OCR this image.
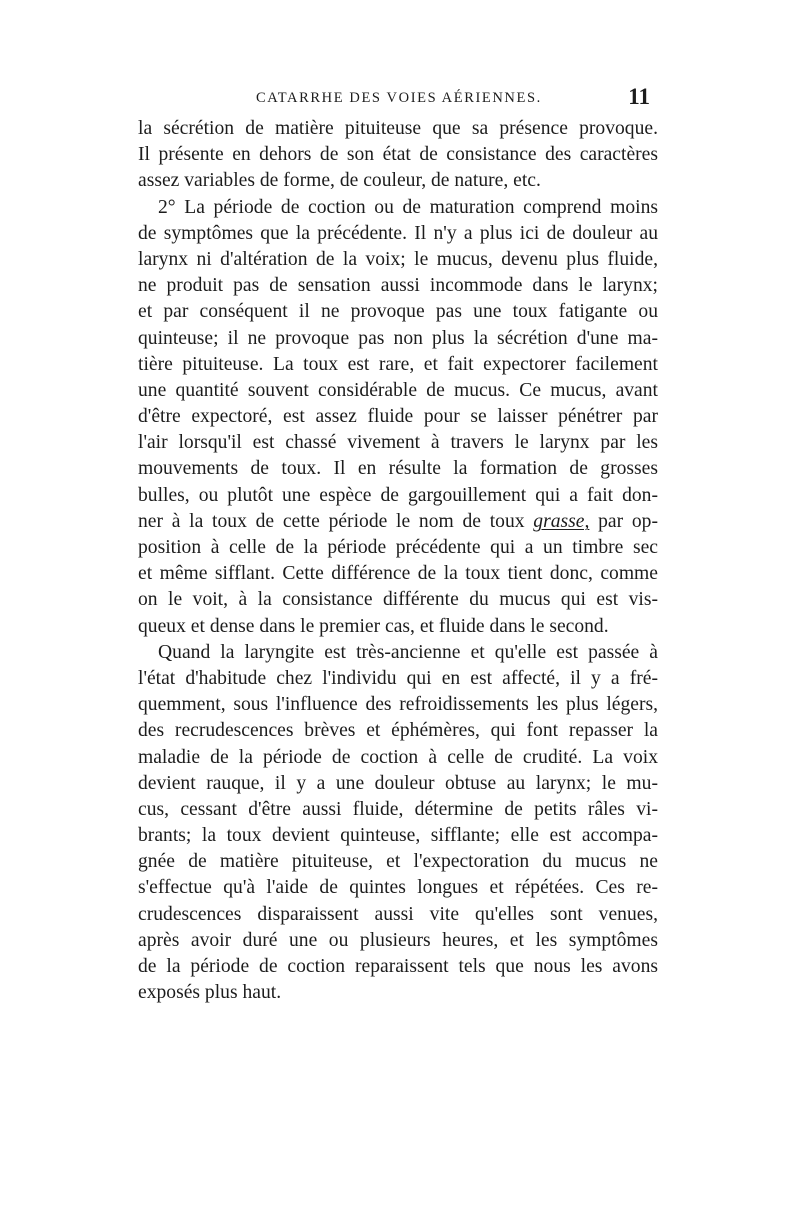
CATARRHE DES VOIES AÉRIENNES.	11
la sécrétion de matière pituiteuse que sa présence provoque.
Il présente en dehors de son état de consistance des caractères
assez variables de forme, de couleur, de nature, etc.
2° La période de coction ou de maturation comprend moins
de symptômes que la précédente. Il n'y a plus ici de douleur au
larynx ni d'altération de la voix; le mucus, devenu plus fluide,
ne produit pas de sensation aussi incommode dans le larynx;
et par conséquent il ne provoque pas une toux fatigante ou
quinteuse; il ne provoque pas non plus la sécrétion d'une ma-
tière pituiteuse. La toux est rare, et fait expectorer facilement
une quantité souvent considérable de mucus. Ce mucus, avant
d'être expectoré, est assez fluide pour se laisser pénétrer par
l'air lorsqu'il est chassé vivement à travers le larynx par les
mouvements de toux. Il en résulte la formation de grosses
bulles, ou plutôt une espèce de gargouillement qui a fait don-
ner à la toux de cette période le nom de toux grasse, par op-
position à celle de la période précédente qui a un timbre sec
et même sifflant. Cette différence de la toux tient donc, comme
on le voit, à la consistance différente du mucus qui est vis-
queux et dense dans le premier cas, et fluide dans le second.
Quand la laryngite est très-ancienne et qu'elle est passée à
l'état d'habitude chez l'individu qui en est affecté, il y a fré-
quemment, sous l'influence des refroidissements les plus légers,
des recrudescences brèves et éphémères, qui font repasser la
maladie de la période de coction à celle de crudité. La voix
devient rauque, il y a une douleur obtuse au larynx; le mu-
cus, cessant d'être aussi fluide, détermine de petits râles vi-
brants; la toux devient quinteuse, sifflante; elle est accompa-
gnée de matière pituiteuse, et l'expectoration du mucus ne
s'effectue qu'à l'aide de quintes longues et répétées. Ces re-
crudescences disparaissent aussi vite qu'elles sont venues,
après avoir duré une ou plusieurs heures, et les symptômes
de la période de coction reparaissent tels que nous les avons
exposés plus haut.
